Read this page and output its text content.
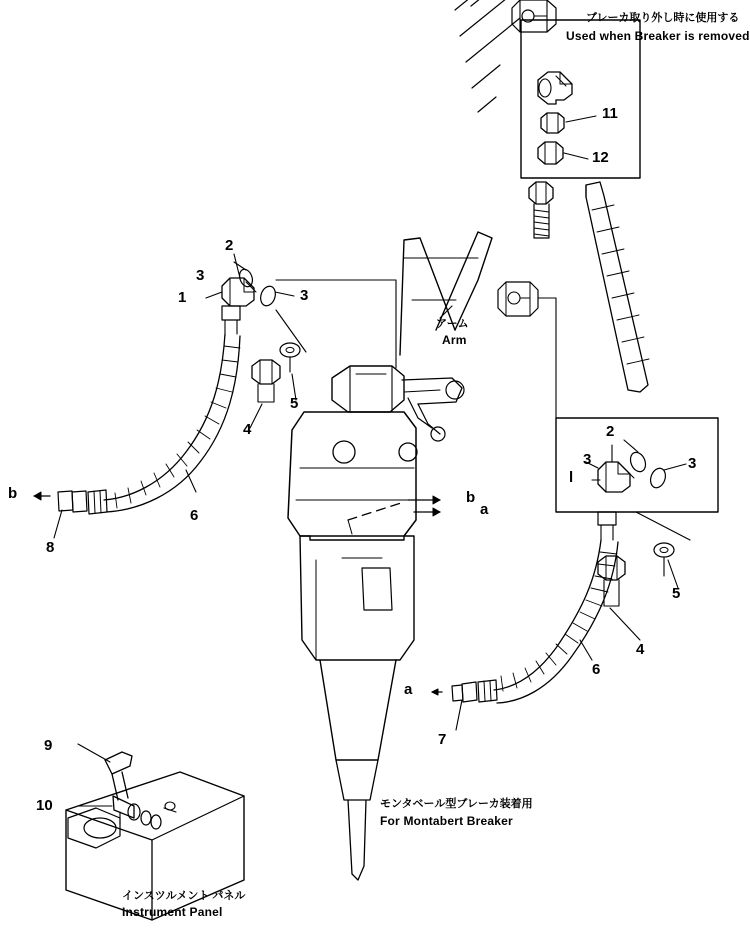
ブレーカ取り外し時に使用する
Used when Breaker is removed
11
12
2
3
1	3
4
5
6
8
b	b
a
a
アーム
Arm
2
3
l
3
4
5
6
7
モンタベール型ブレーカ装着用
For Montabert Breaker
9
10
インスツルメント パネル
Instrument Panel
